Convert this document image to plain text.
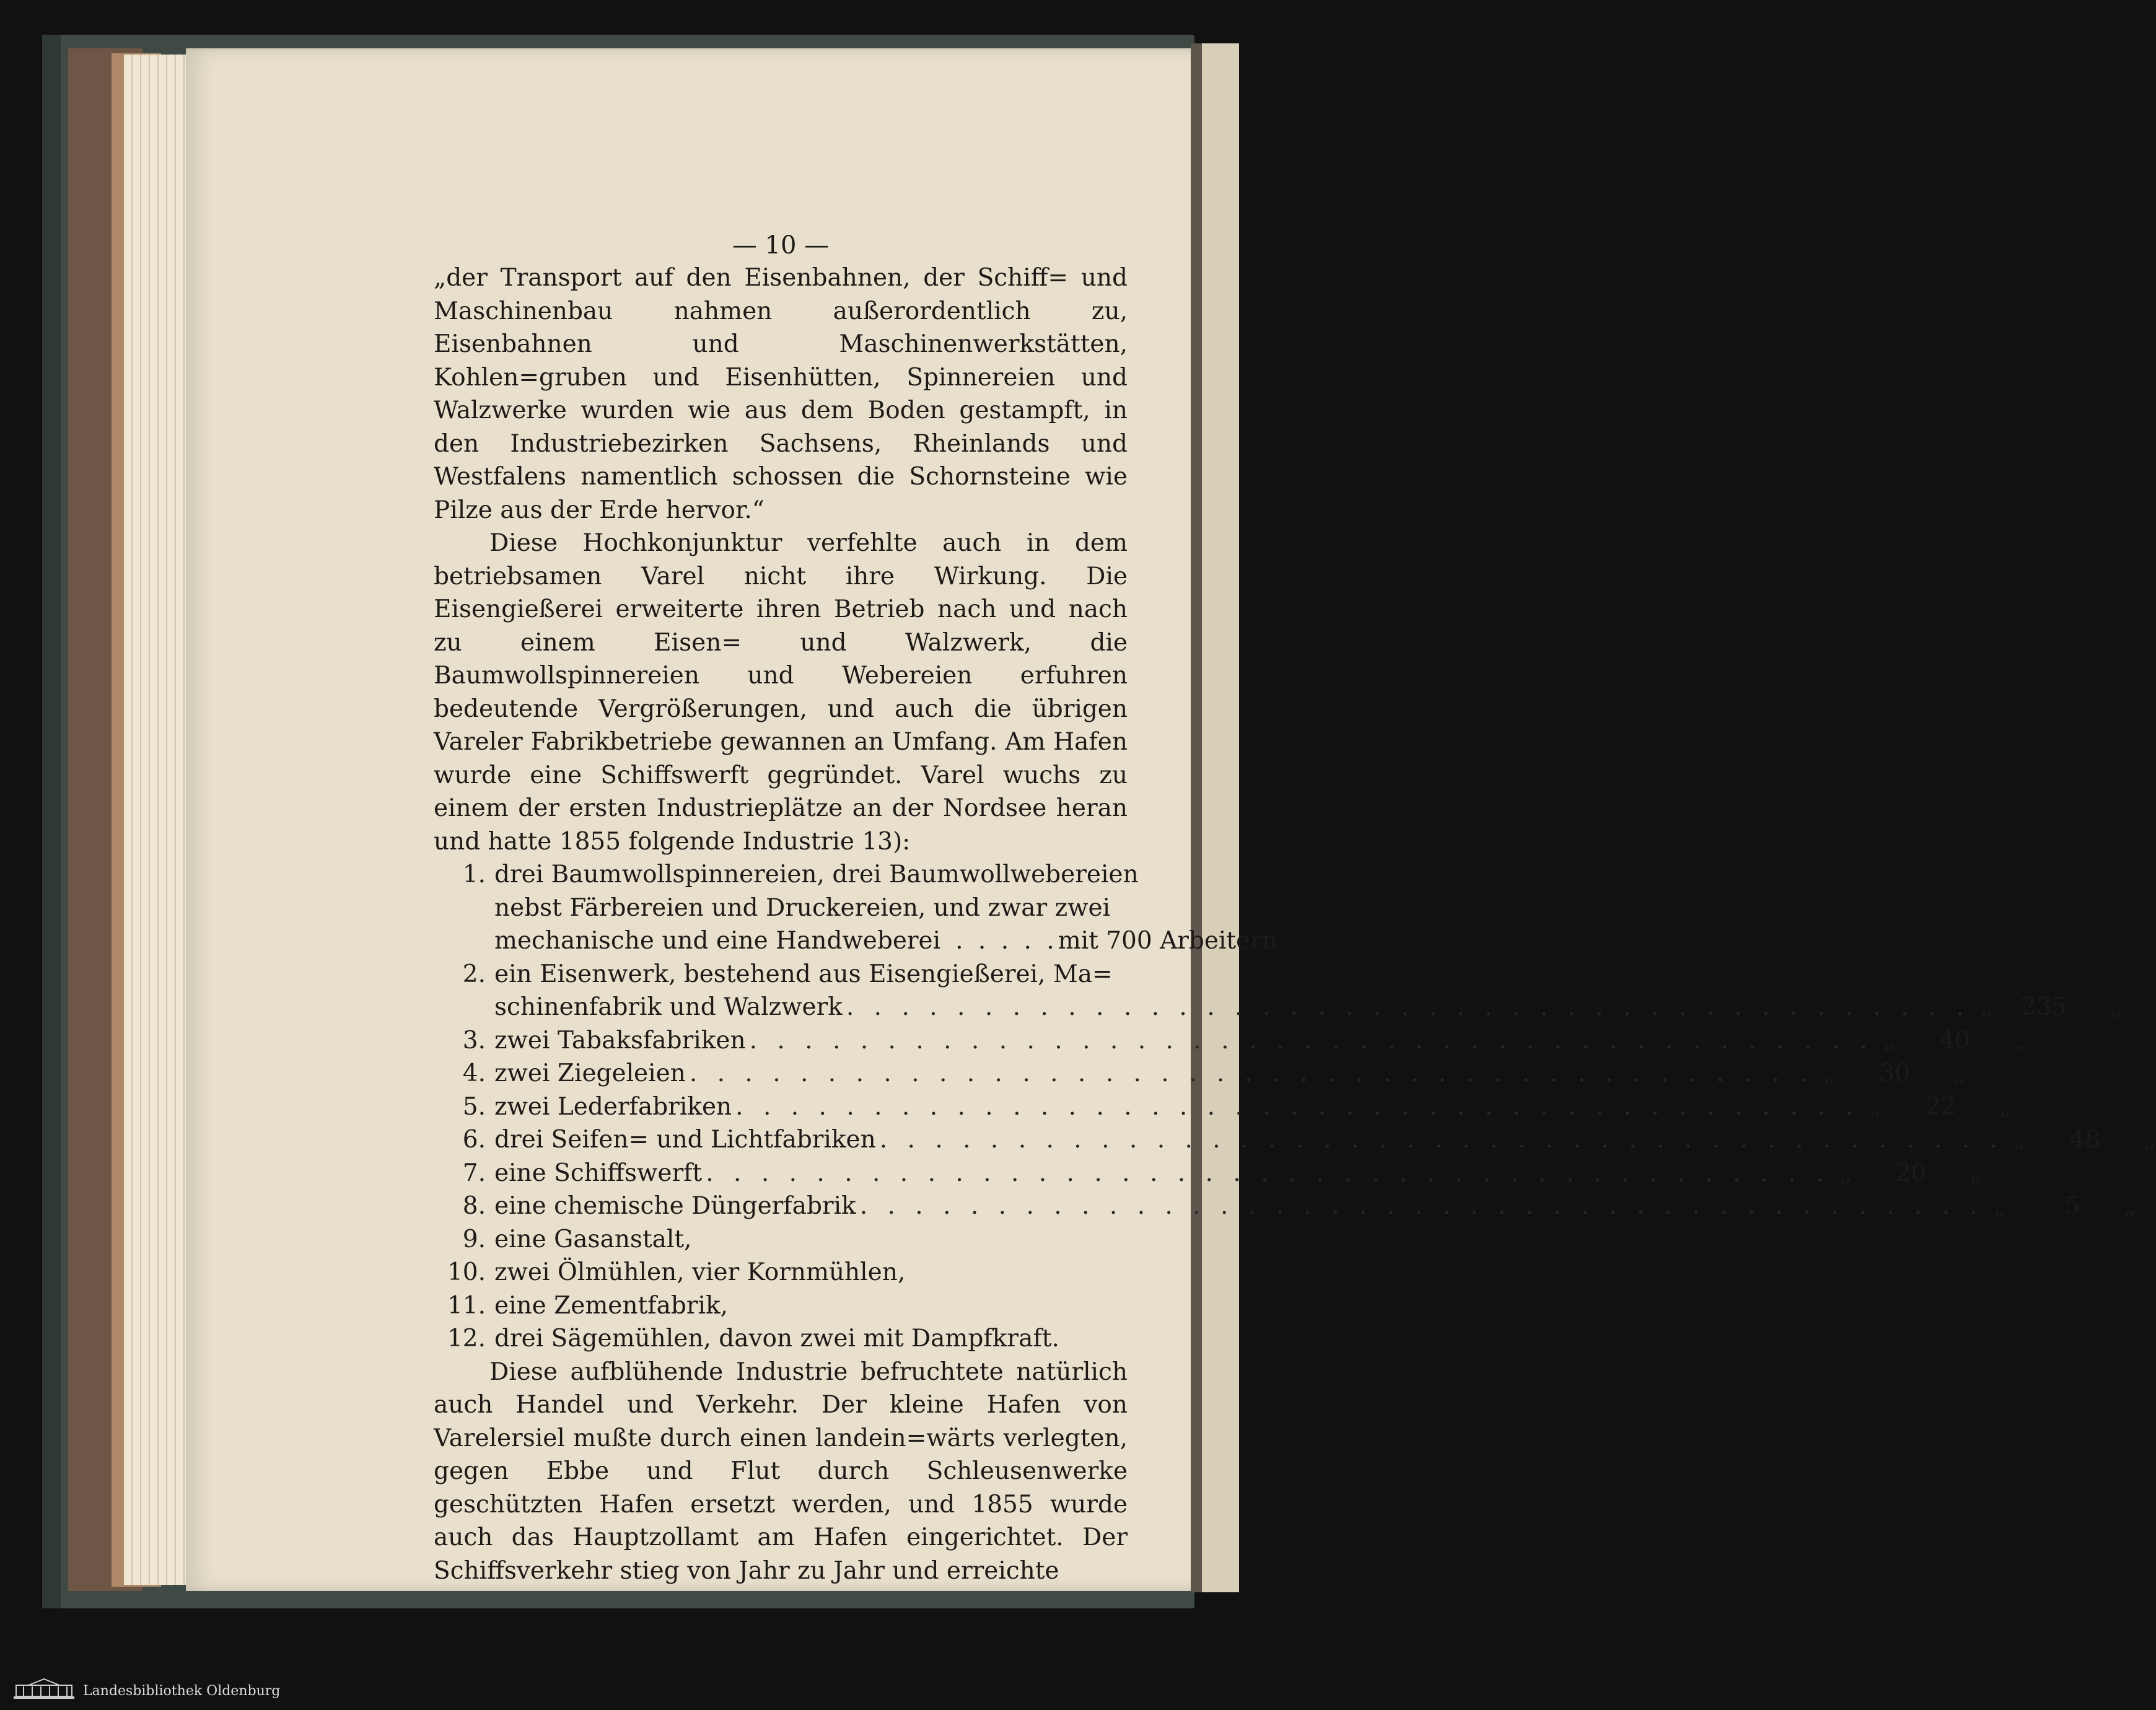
— 10 —

„der Transport auf den Eisenbahnen, der Schiff= und Maschinenbau nahmen außerordentlich zu, Eisenbahnen und Maschinenwerkstätten, Kohlen=gruben und Eisenhütten, Spinnereien und Walzwerke wurden wie aus dem Boden gestampft, in den Industriebezirken Sachsens, Rheinlands und Westfalens namentlich schossen die Schornsteine wie Pilze aus der Erde hervor.“

Diese Hochkonjunktur verfehlte auch in dem betriebsamen Varel nicht ihre Wirkung. Die Eisengießerei erweiterte ihren Betrieb nach und nach zu einem Eisen= und Walzwerk, die Baumwollspinnereien und Webereien erfuhren bedeutende Vergrößerungen, und auch die übrigen Vareler Fabrikbetriebe gewannen an Umfang. Am Hafen wurde eine Schiffswerft gegründet. Varel wuchs zu einem der ersten Industrieplätze an der Nordsee heran und hatte 1855 folgende Industrie 13):

1. drei Baumwollspinnereien, drei Baumwollwebereien
nebst Färbereien und Druckereien, und zwar zwei
mechanische und eine Handweberei . . . . . mit 700 Arbeitern
2. ein Eisenwerk, bestehend aus Eisengießerei, Ma=
schinenfabrik und Walzwerk . . .	„	235	„
3. zwei Tabaksfabriken . . .	„	40	„
4. zwei Ziegeleien . . .	„	30	„
5. zwei Lederfabriken . . .	„	22	„
6. drei Seifen= und Lichtfabriken . . .	„	48	„
7. eine Schiffswerft . . .	„	20	„
8. eine chemische Düngerfabrik . . .	„	5	„
9. eine Gasanstalt,
10. zwei Ölmühlen, vier Kornmühlen,
11. eine Zementfabrik,
12. drei Sägemühlen, davon zwei mit Dampfkraft.

Diese aufblühende Industrie befruchtete natürlich auch Handel und Verkehr. Der kleine Hafen von Varelersiel mußte durch einen landein=wärts verlegten, gegen Ebbe und Flut durch Schleusenwerke geschützten Hafen ersetzt werden, und 1855 wurde auch das Hauptzollamt am Hafen eingerichtet. Der Schiffsverkehr stieg von Jahr zu Jahr und erreichte

Landesbibliothek Oldenburg
